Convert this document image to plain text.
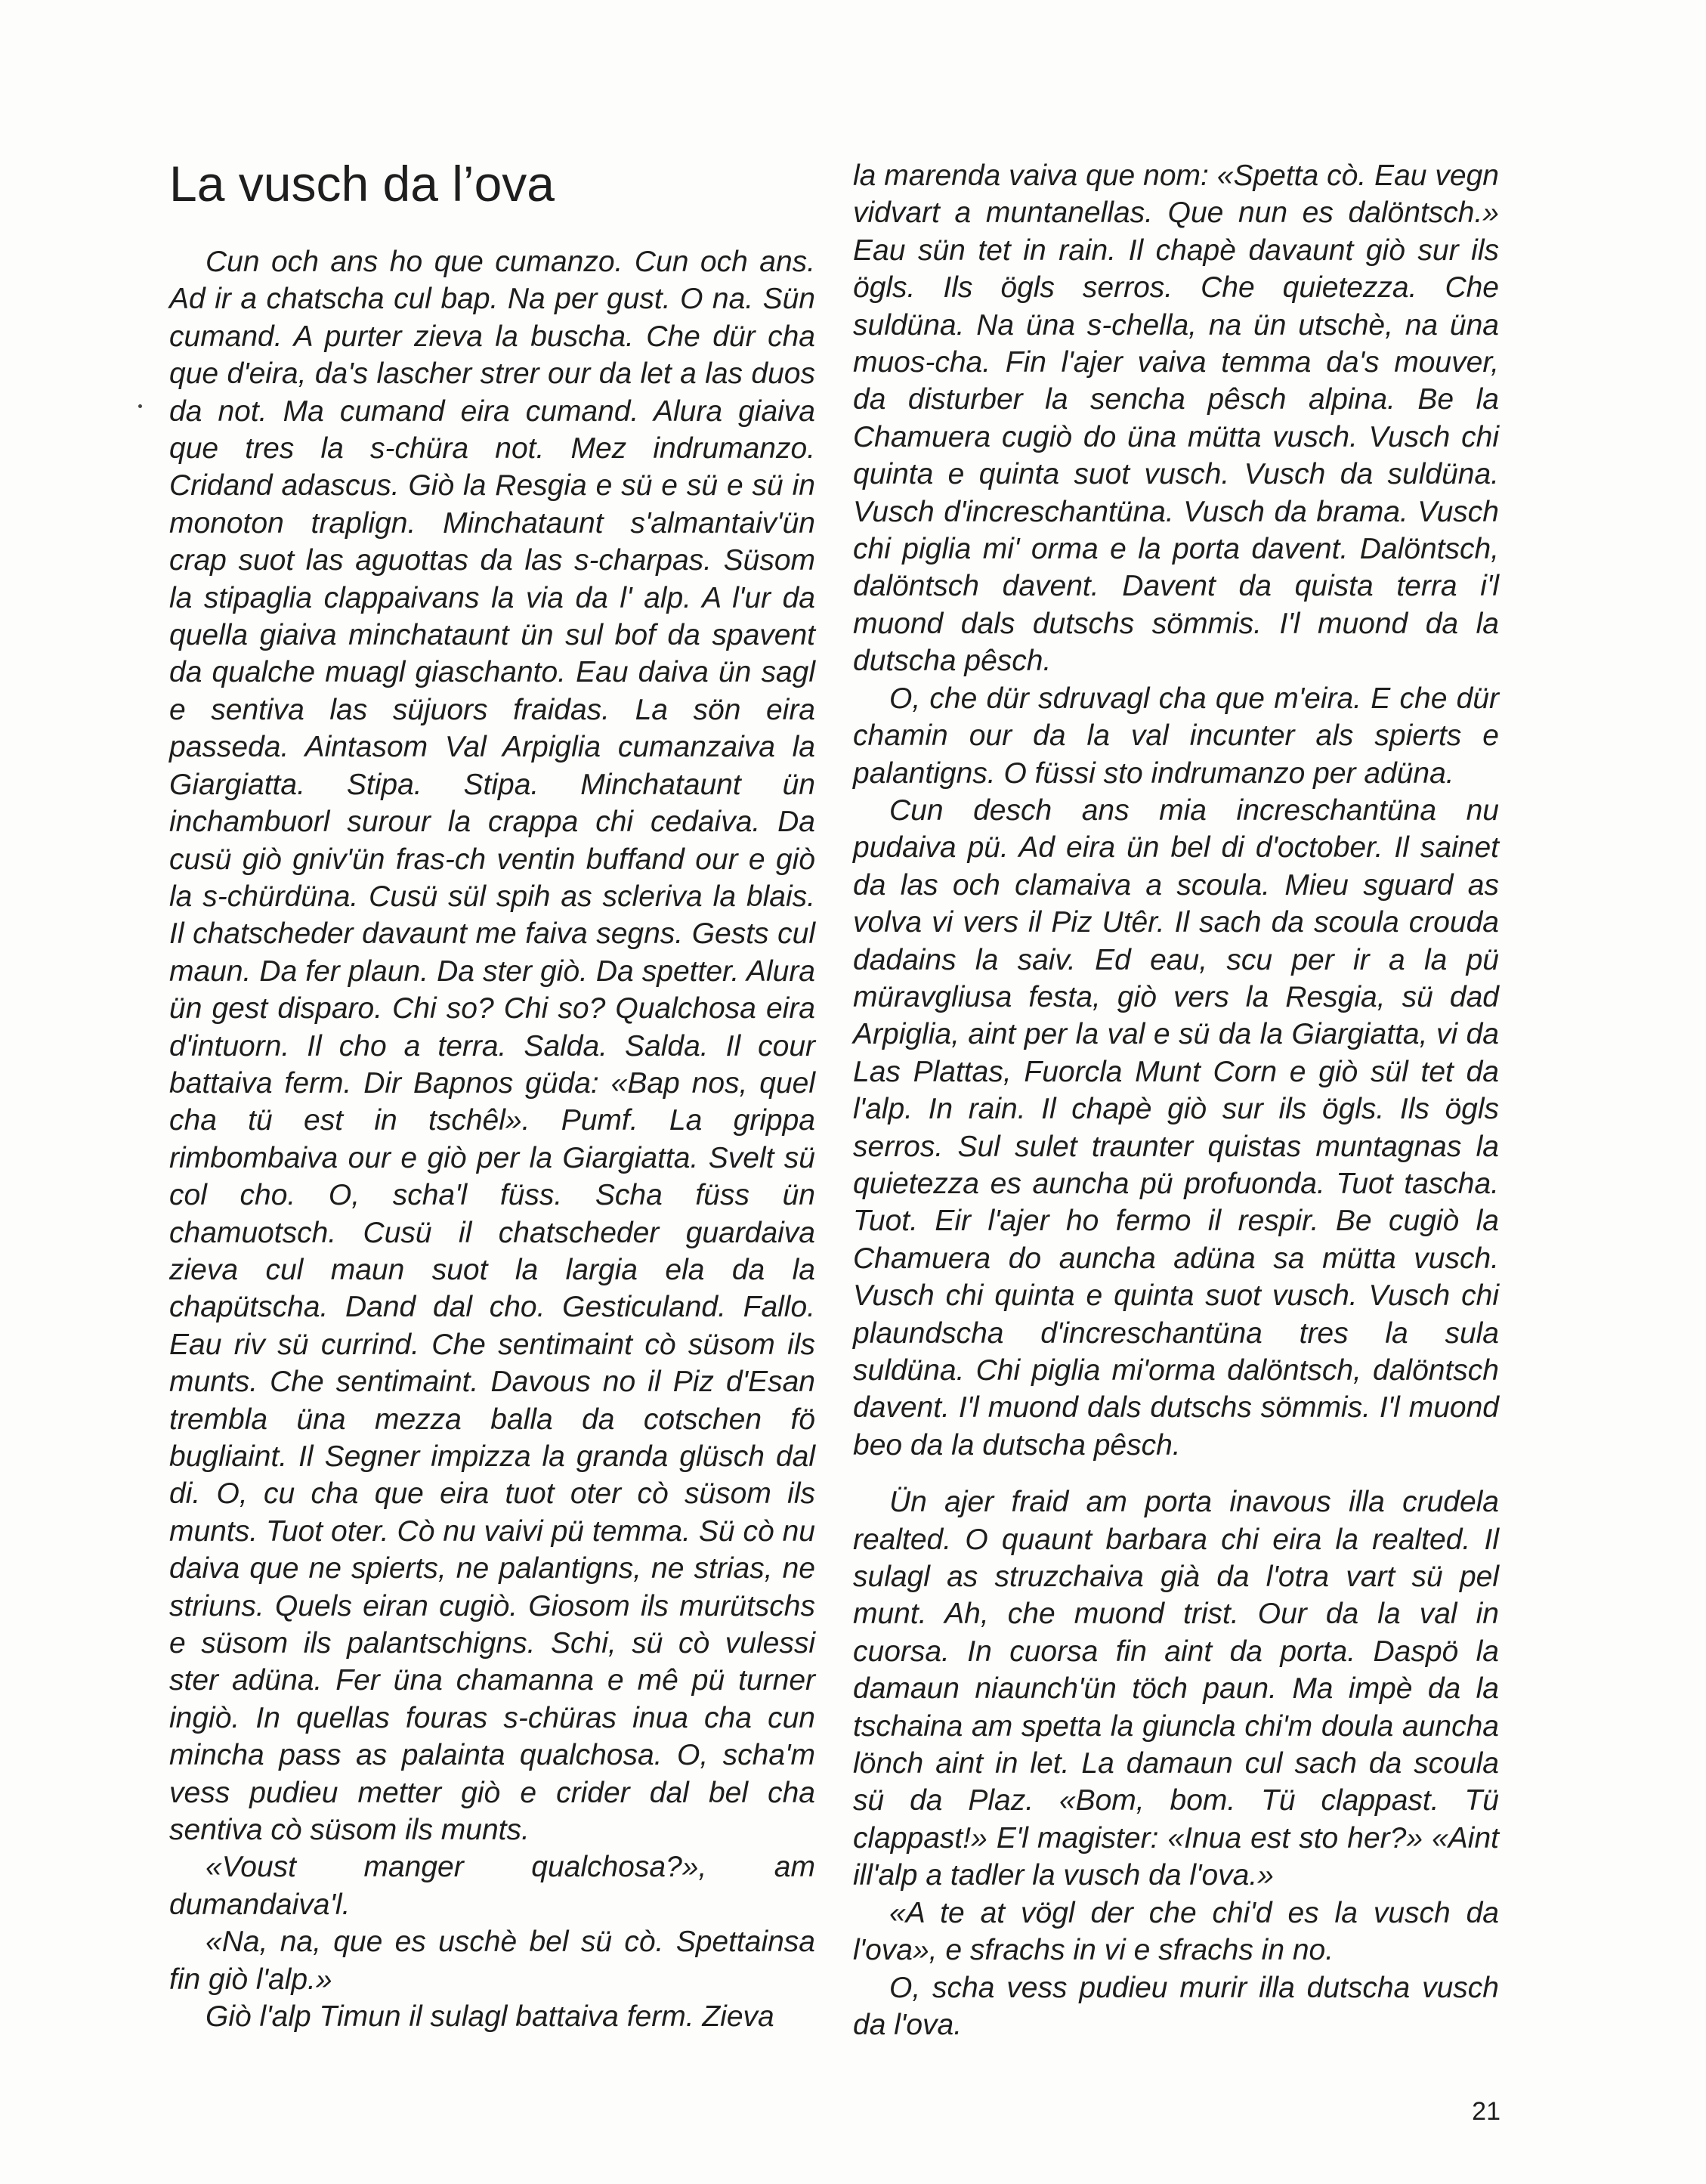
La vusch da l’ova

Cun och ans ho que cumanzo. Cun och ans. Ad ir a chatscha cul bap. Na per gust. O na. Sün cumand. A purter zieva la buscha. Che dür cha que d'eira, da's lascher strer our da let a las duos da not. Ma cumand eira cumand. Alura giaiva que tres la s-chüra not. Mez indrumanzo. Cridand adascus. Giò la Resgia e sü e sü e sü in monoton traplign. Minchataunt s'almantaiv'ün crap suot las aguottas da las s-charpas. Süsom la stipaglia clappaivans la via da l' alp. A l'ur da quella giaiva minchataunt ün sul bof da spavent da qualche muagl giaschanto. Eau daiva ün sagl e sentiva las süjuors fraidas. La sön eira passeda. Aintasom Val Arpiglia cumanzaiva la Giargiatta. Stipa. Stipa. Minchataunt ün inchambuorl surour la crappa chi cedaiva. Da cusü giò gniv'ün fras-ch ventin buffand our e giò la s-chürdüna. Cusü sül spih as scleriva la blais. Il chatscheder davaunt me faiva segns. Gests cul maun. Da fer plaun. Da ster giò. Da spetter. Alura ün gest disparo. Chi so? Chi so? Qualchosa eira d'intuorn. Il cho a terra. Salda. Salda. Il cour battaiva ferm. Dir Bapnos güda: «Bap nos, quel cha tü est in tschêl». Pumf. La grippa rimbombaiva our e giò per la Giargiatta. Svelt sü col cho. O, scha'l füss. Scha füss ün chamuotsch. Cusü il chatscheder guardaiva zieva cul maun suot la largia ela da la chapütscha. Dand dal cho. Gesticuland. Fallo. Eau riv sü currind. Che sentimaint cò süsom ils munts. Che sentimaint. Davous no il Piz d'Esan trembla üna mezza balla da cotschen fö bugliaint. Il Segner impizza la granda glüsch dal di. O, cu cha que eira tuot oter cò süsom ils munts. Tuot oter. Cò nu vaivi pü temma. Sü cò nu daiva que ne spierts, ne palantigns, ne strias, ne striuns. Quels eiran cugiò. Giosom ils murütschs e süsom ils palantschigns. Schi, sü cò vulessi ster adüna. Fer üna chamanna e mê pü turner ingiò. In quellas fouras s-chüras inua cha cun mincha pass as palainta qualchosa. O, scha'm vess pudieu metter giò e crider dal bel cha sentiva cò süsom ils munts.

«Voust manger qualchosa?», am dumandaiva'l.

«Na, na, que es uschè bel sü cò. Spettainsa fin giò l'alp.»

Giò l'alp Timun il sulagl battaiva ferm. Zieva

la marenda vaiva que nom: «Spetta cò. Eau vegn vidvart a muntanellas. Que nun es dalöntsch.» Eau sün tet in rain. Il chapè davaunt giò sur ils ögls. Ils ögls serros. Che quietezza. Che suldüna. Na üna s-chella, na ün utschè, na üna muos-cha. Fin l'ajer vaiva temma da's mouver, da disturber la sencha pêsch alpina. Be la Chamuera cugiò do üna mütta vusch. Vusch chi quinta e quinta suot vusch. Vusch da suldüna. Vusch d'increschantüna. Vusch da brama. Vusch chi piglia mi' orma e la porta davent. Dalöntsch, dalöntsch davent. Davent da quista terra i'l muond dals dutschs sömmis. I'l muond da la dutscha pêsch.

O, che dür sdruvagl cha que m'eira. E che dür chamin our da la val incunter als spierts e palantigns. O füssi sto indrumanzo per adüna.

Cun desch ans mia increschantüna nu pudaiva pü. Ad eira ün bel di d'october. Il sainet da las och clamaiva a scoula. Mieu sguard as volva vi vers il Piz Utêr. Il sach da scoula crouda dadains la saiv. Ed eau, scu per ir a la pü müravgliusa festa, giò vers la Resgia, sü dad Arpiglia, aint per la val e sü da la Giargiatta, vi da Las Plattas, Fuorcla Munt Corn e giò sül tet da l'alp. In rain. Il chapè giò sur ils ögls. Ils ögls serros. Sul sulet traunter quistas muntagnas la quietezza es auncha pü profuonda. Tuot tascha. Tuot. Eir l'ajer ho fermo il respir. Be cugiò la Chamuera do auncha adüna sa mütta vusch. Vusch chi quinta e quinta suot vusch. Vusch chi plaundscha d'increschantüna tres la sula suldüna. Chi piglia mi'orma dalöntsch, dalöntsch davent. I'l muond dals dutschs sömmis. I'l muond beo da la dutscha pêsch.

Ün ajer fraid am porta inavous illa crudela realted. O quaunt barbara chi eira la realted. Il sulagl as struzchaiva già da l'otra vart sü pel munt. Ah, che muond trist. Our da la val in cuorsa. In cuorsa fin aint da porta. Daspö la damaun niaunch'ün töch paun. Ma impè da la tschaina am spetta la giuncla chi'm doula auncha lönch aint in let. La damaun cul sach da scoula sü da Plaz. «Bom, bom. Tü clappast. Tü clappast!» E'l magister: «Inua est sto her?» «Aint ill'alp a tadler la vusch da l'ova.»

«A te at vögl der che chi'd es la vusch da l'ova», e sfrachs in vi e sfrachs in no.

O, scha vess pudieu murir illa dutscha vusch da l'ova.

21
